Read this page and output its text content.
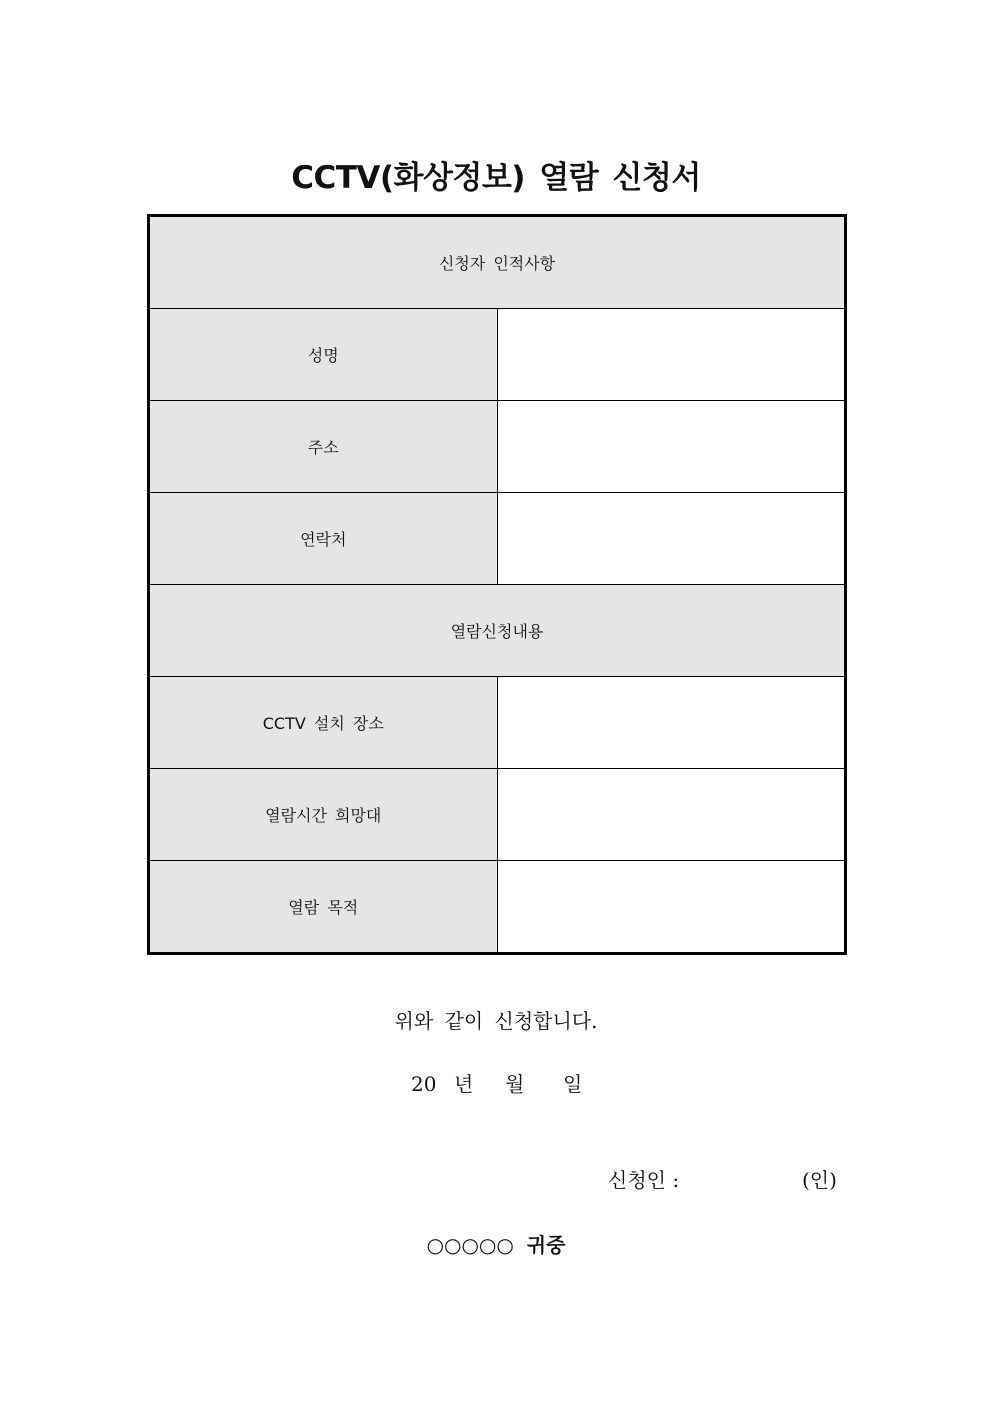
CCTV(화상정보) 열람 신청서
신청자 인적사항	
성명	
주소	
연락처	
열람신청내용	
CCTV 설치 장소	
열람시간 희망대	
열람 목적	
위와 같이 신청합니다.
20 년 월 일
신청인 :	(인)
○○○○○ 귀중
